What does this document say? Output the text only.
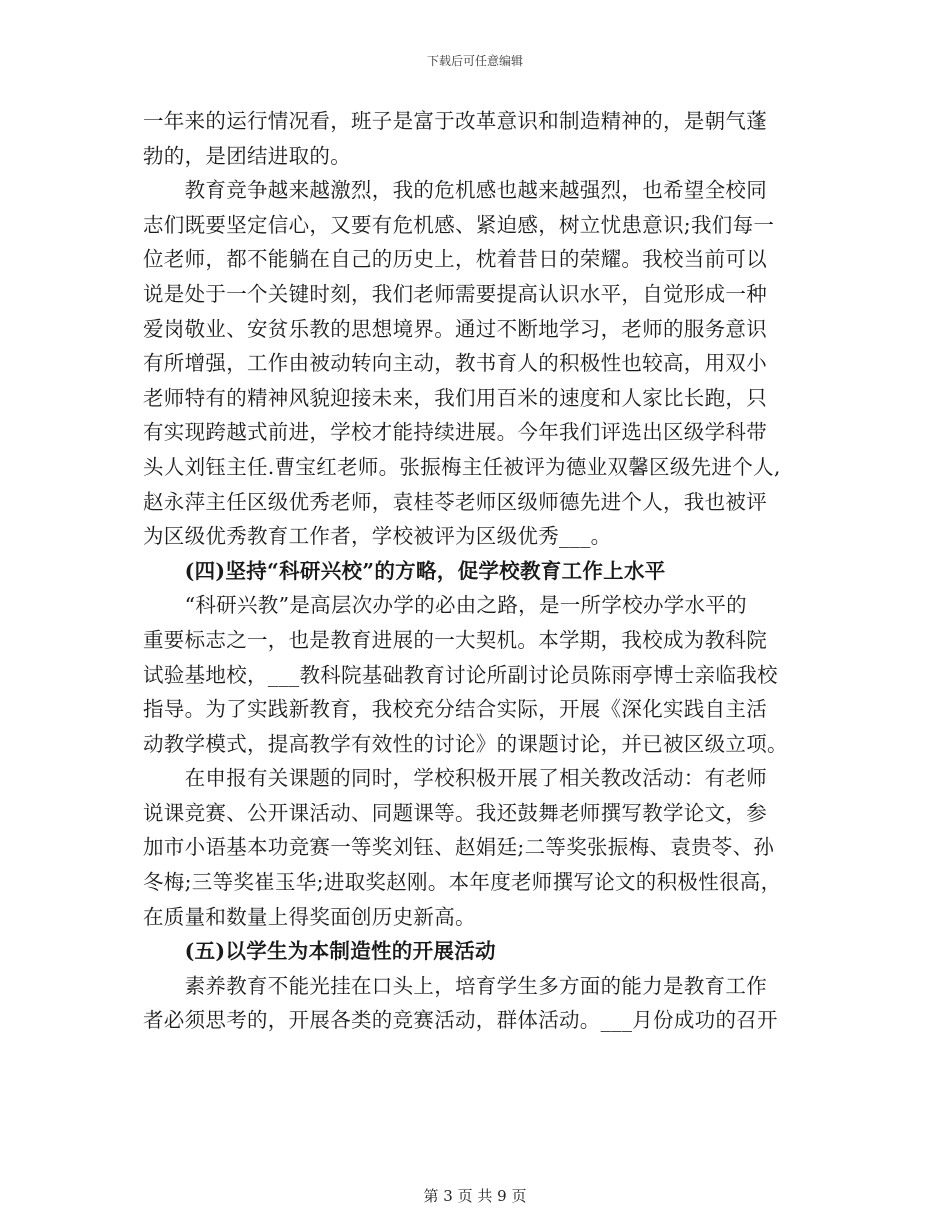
下载后可任意编辑
一年来的运行情况看，班子是富于改革意识和制造精神的，是朝气蓬
勃的，是团结进取的。
　　教育竞争越来越激烈，我的危机感也越来越强烈，也希望全校同
志们既要坚定信心，又要有危机感、紧迫感，树立忧患意识;我们每一
位老师，都不能躺在自己的历史上，枕着昔日的荣耀。我校当前可以
说是处于一个关键时刻，我们老师需要提高认识水平，自觉形成一种
爱岗敬业、安贫乐教的思想境界。通过不断地学习，老师的服务意识
有所增强，工作由被动转向主动，教书育人的积极性也较高，用双小
老师特有的精神风貌迎接未来，我们用百米的速度和人家比长跑，只
有实现跨越式前进，学校才能持续进展。今年我们评选出区级学科带
头人刘钰主任.曹宝红老师。张振梅主任被评为德业双馨区级先进个人,
赵永萍主任区级优秀老师，袁桂苓老师区级师德先进个人，我也被评
为区级优秀教育工作者，学校被评为区级优秀___。
　　(四)坚持“科研兴校”的方略，促学校教育工作上水平
　　“科研兴教”是高层次办学的必由之路，是一所学校办学水平的
重要标志之一，也是教育进展的一大契机。本学期，我校成为教科院
试验基地校，___教科院基础教育讨论所副讨论员陈雨亭博士亲临我校
指导。为了实践新教育，我校充分结合实际，开展《深化实践自主活
动教学模式，提高教学有效性的讨论》的课题讨论，并已被区级立项。
　　在申报有关课题的同时，学校积极开展了相关教改活动：有老师
说课竞赛、公开课活动、同题课等。我还鼓舞老师撰写教学论文，参
加市小语基本功竞赛一等奖刘钰、赵娟廷;二等奖张振梅、袁贵苓、孙
冬梅;三等奖崔玉华;进取奖赵刚。本年度老师撰写论文的积极性很高，
在质量和数量上得奖面创历史新高。
　　(五)以学生为本制造性的开展活动
　　素养教育不能光挂在口头上，培育学生多方面的能力是教育工作
者必须思考的，开展各类的竞赛活动，群体活动。___月份成功的召开
第 3 页 共 9 页
